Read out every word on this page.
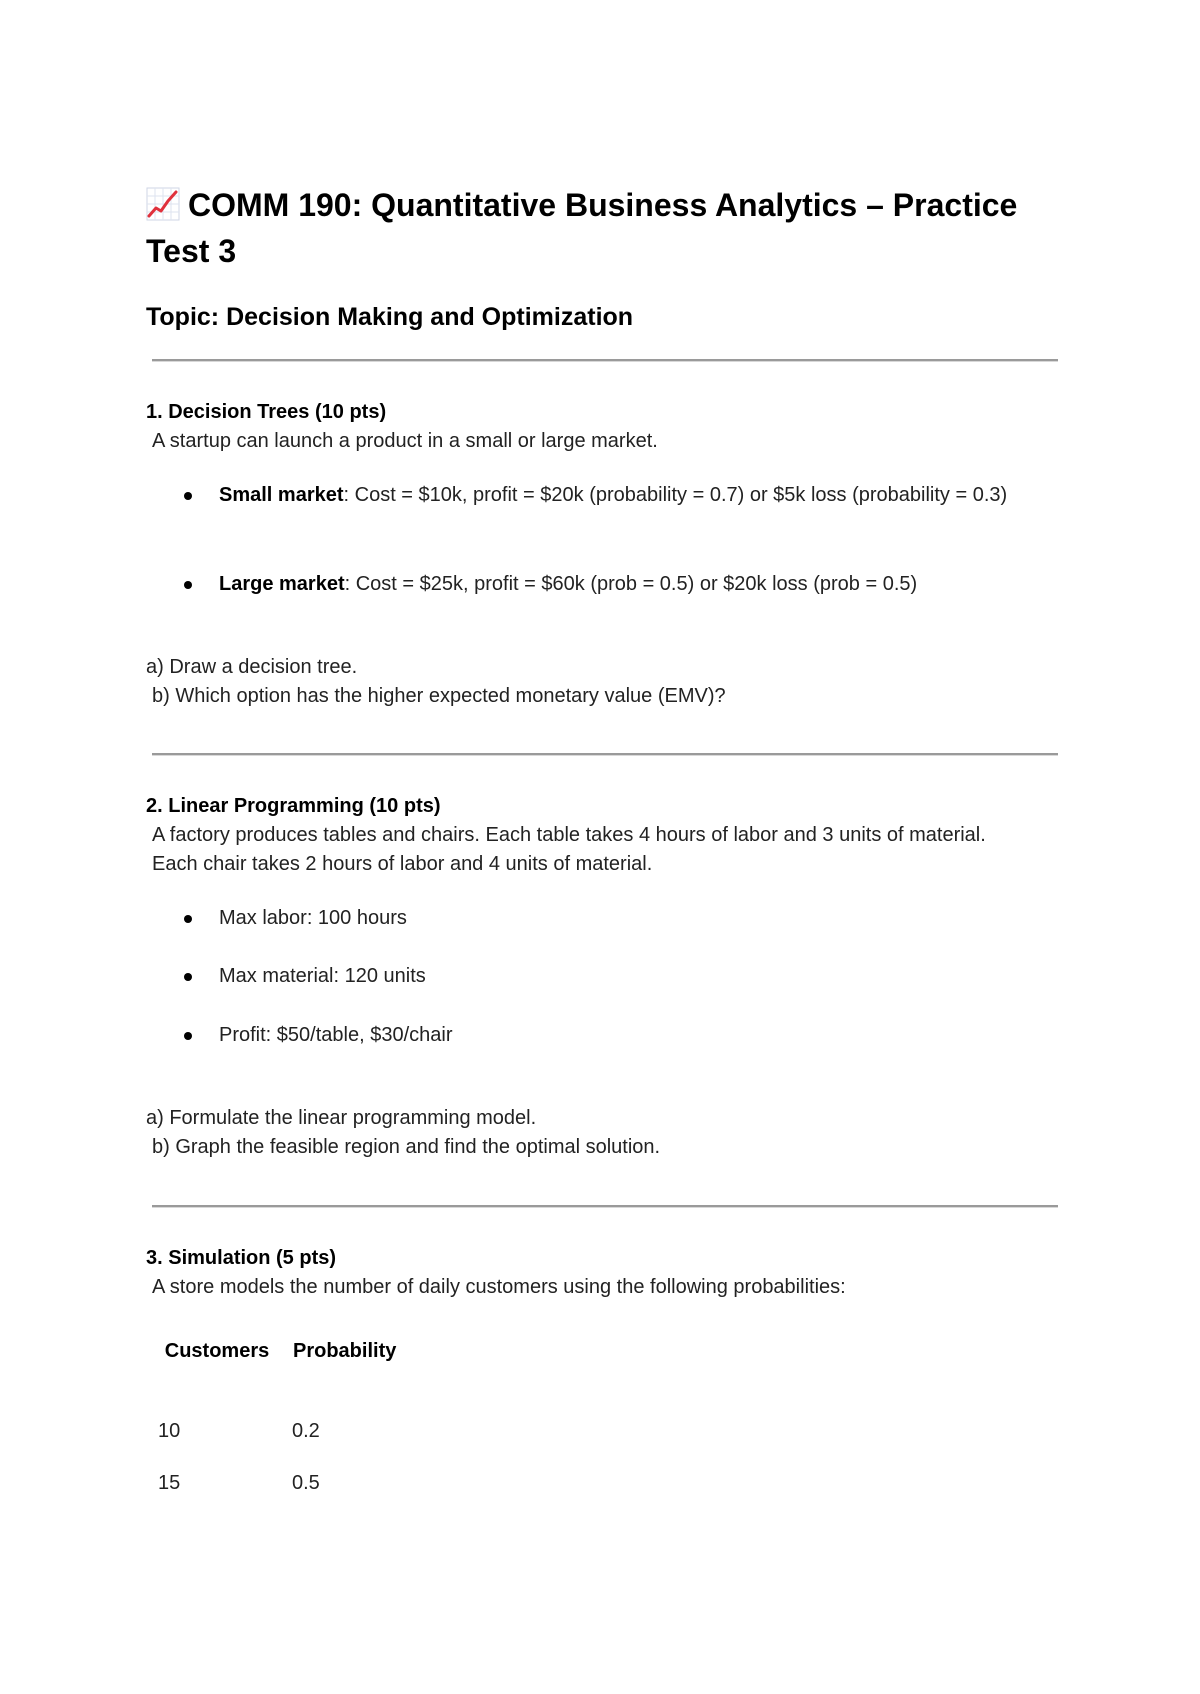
COMM 190: Quantitative Business Analytics – Practice Test 3
Topic: Decision Making and Optimization
1. Decision Trees (10 pts)

A startup can launch a product in a small or large market.

Small market: Cost = $10k, profit = $20k (probability = 0.7) or $5k loss (probability = 0.3)
Large market: Cost = $25k, profit = $60k (prob = 0.5) or $20k loss (prob = 0.5)

a) Draw a decision tree.

b) Which option has the higher expected monetary value (EMV)?

2. Linear Programming (10 pts)

A factory produces tables and chairs. Each table takes 4 hours of labor and 3 units of material. Each chair takes 2 hours of labor and 4 units of material.

Max labor: 100 hours
Max material: 120 units
Profit: $50/table, $30/chair

a) Formulate the linear programming model.

b) Graph the feasible region and find the optimal solution.

3. Simulation (5 pts)

A store models the number of daily customers using the following probabilities:

Customers Probability
10	0.2
15	0.5
